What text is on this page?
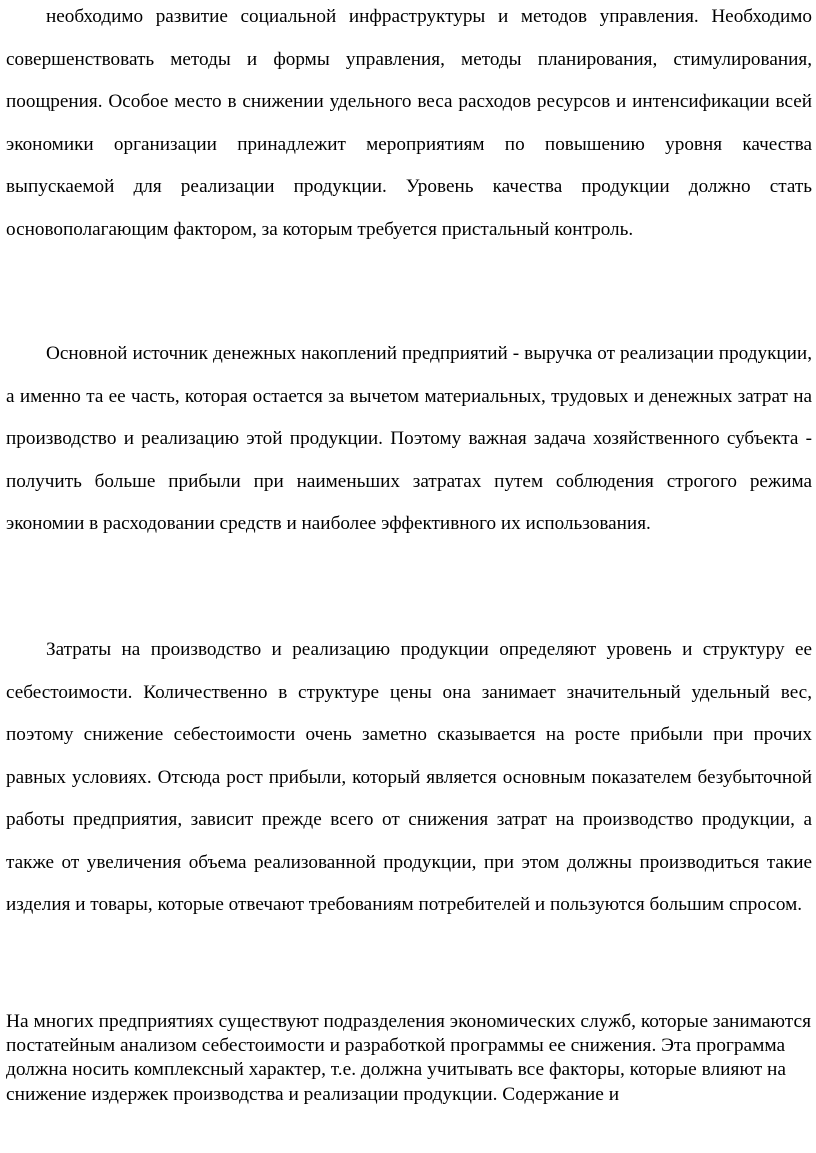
необходимо развитие социальной инфраструктуры и методов управления. Необходимо совершенствовать методы и формы управления, методы планирования, стимулирования, поощрения. Особое место в снижении удельного веса расходов ресурсов и интенсификации всей экономики организации принадлежит мероприятиям по повышению уровня качества выпускаемой для реализации продукции. Уровень качества продукции должно стать основополагающим фактором, за которым требуется пристальный контроль.

Основной источник денежных накоплений предприятий - выручка от реализации продукции, а именно та ее часть, которая остается за вычетом материальных, трудовых и денежных затрат на производство и реализацию этой продукции. Поэтому важная задача хозяйственного субъекта - получить больше прибыли при наименьших затратах путем соблюдения строгого режима экономии в расходовании средств и наиболее эффективного их использования.

Затраты на производство и реализацию продукции определяют уровень и структуру ее себестоимости. Количественно в структуре цены она занимает значительный удельный вес, поэтому снижение себестоимости очень заметно сказывается на росте прибыли при прочих равных условиях. Отсюда рост прибыли, который является основным показателем безубыточной работы предприятия, зависит прежде всего от снижения затрат на производство продукции, а также от увеличения объема реализованной продукции, при этом должны производиться такие изделия и товары, которые отвечают требованиям потребителей и пользуются большим спросом.

На многих предприятиях существуют подразделения экономических служб, которые занимаются постатейным анализом себестоимости и разработкой программы ее снижения. Эта программа должна носить комплексный характер, т.е. должна учитывать все факторы, которые влияют на снижение издержек производства и реализации продукции. Содержание и
